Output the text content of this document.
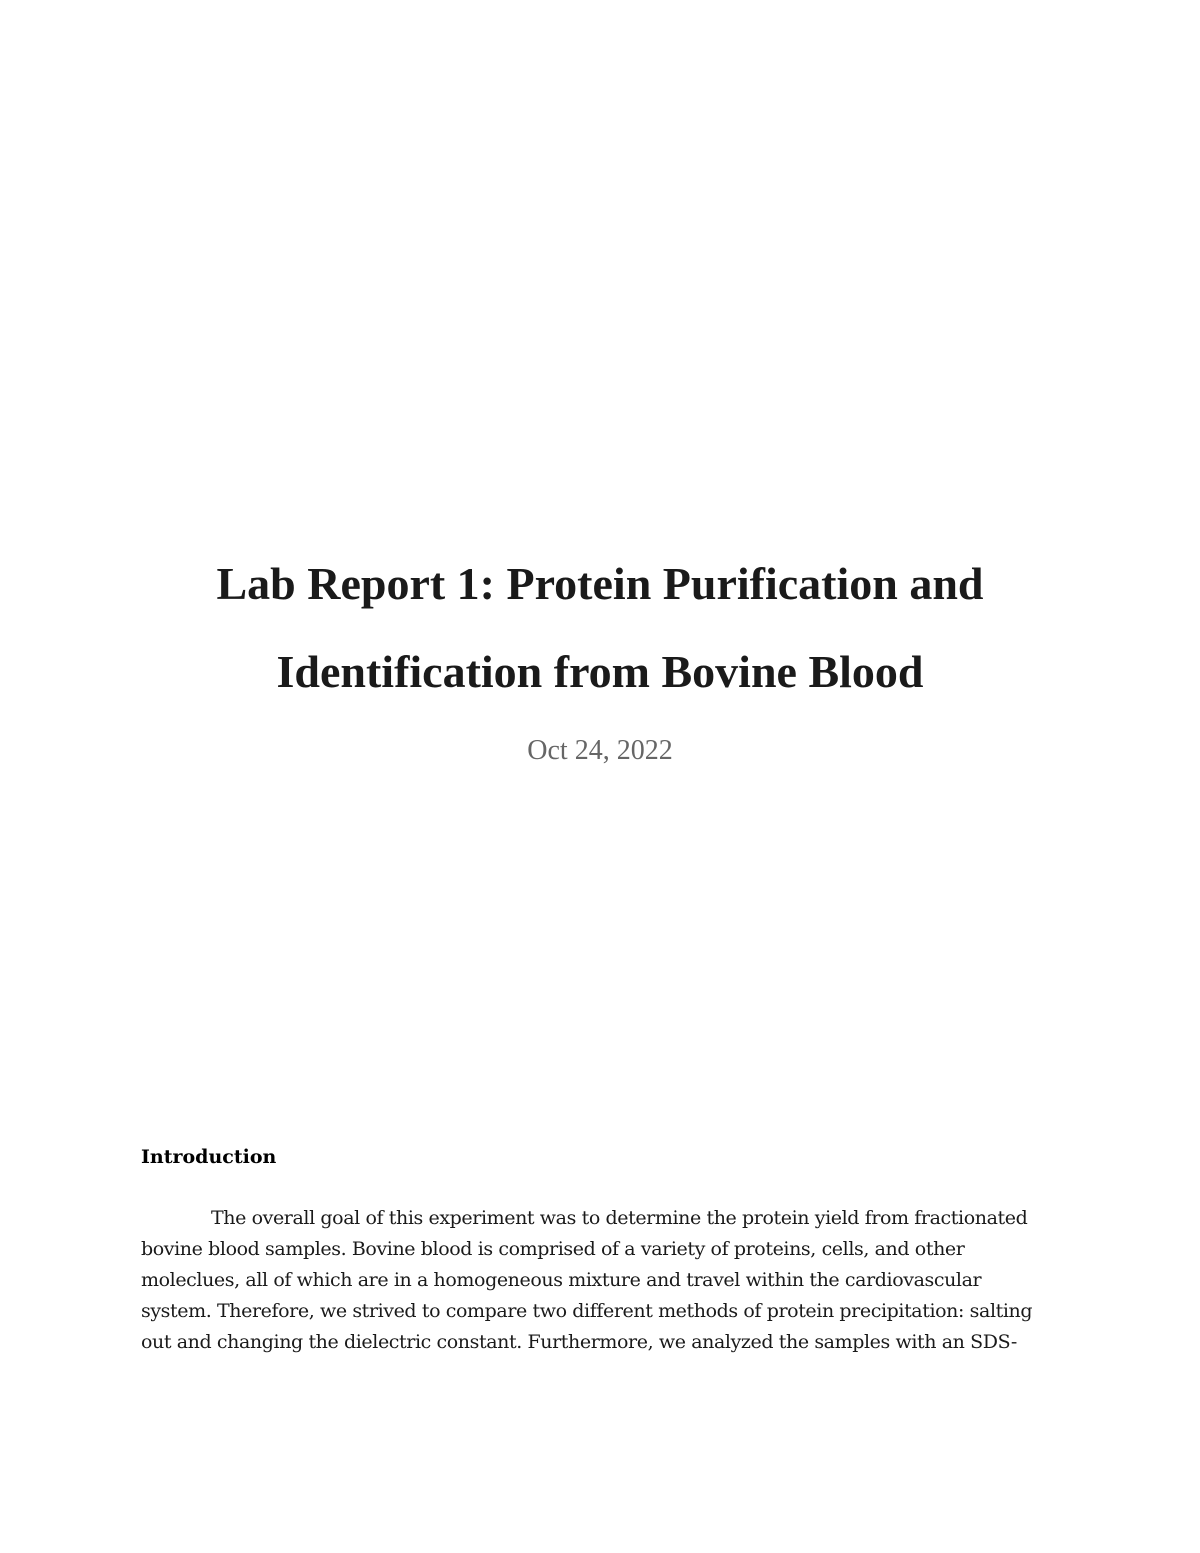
Lab Report 1: Protein Purification and
Identification from Bovine Blood
Oct 24, 2022
Introduction

The overall goal of this experiment was to determine the protein yield from fractionated

bovine blood samples. Bovine blood is comprised of a variety of proteins, cells, and other

moleclues, all of which are in a homogeneous mixture and travel within the cardiovascular

system. Therefore, we strived to compare two different methods of protein precipitation: salting

out and changing the dielectric constant. Furthermore, we analyzed the samples with an SDS-
